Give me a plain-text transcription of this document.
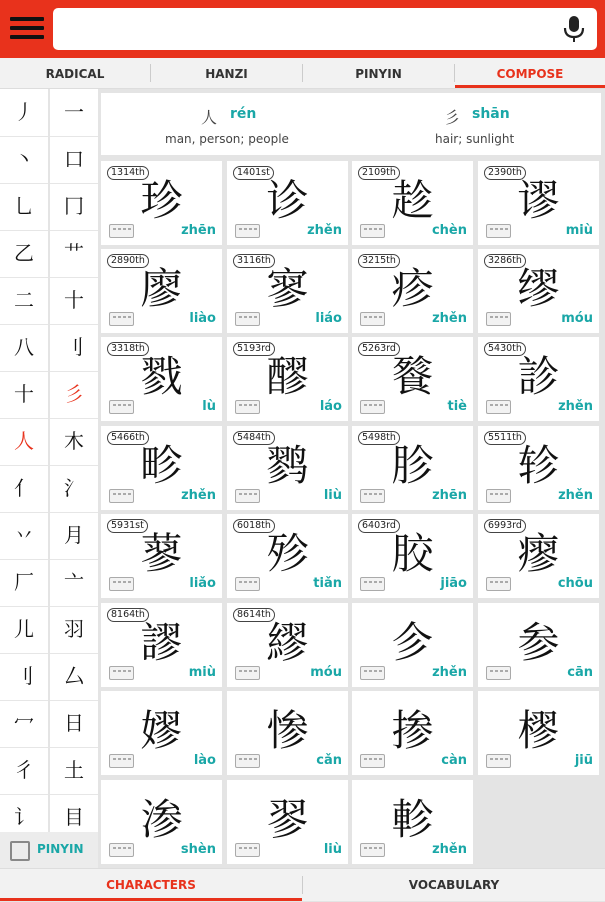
RADICAL	HANZI	PINYIN	COMPOSE
丿
丶
乚
乙
二
八
十
人
亻
丷
厂
儿
刂
冖
彳
讠
一
口
冂
艹
十
刂
彡
木
氵
月
亠
羽
厶
日
土
目
PINYIN
人 rén
man, person; people
彡 shān
hair; sunlight
1314th
珍
zhēn
1401st
诊
zhěn
2109th
趁
chèn
2390th
谬
miù
2890th
廖
liào
3116th
寥
liáo
3215th
疹
zhěn
3286th
缪
móu
3318th
戮
lù
5193rd
醪
láo
5263rd
餮
tiè
5430th
診
zhěn
5466th
畛
zhěn
5484th
鹨
liù
5498th
胗
zhēn
5511th
轸
zhěn
5931st
蓼
liǎo
6018th
殄
tiǎn
6403rd
胶
jiāo
6993rd
瘳
chōu
8164th
謬
miù
8614th
繆
móu
㐱
zhěn
参
cān
嫪
lào
惨
cǎn
掺
càn
樛
jiū
渗
shèn
翏
liù
軫
zhěn
CHARACTERS	VOCABULARY
